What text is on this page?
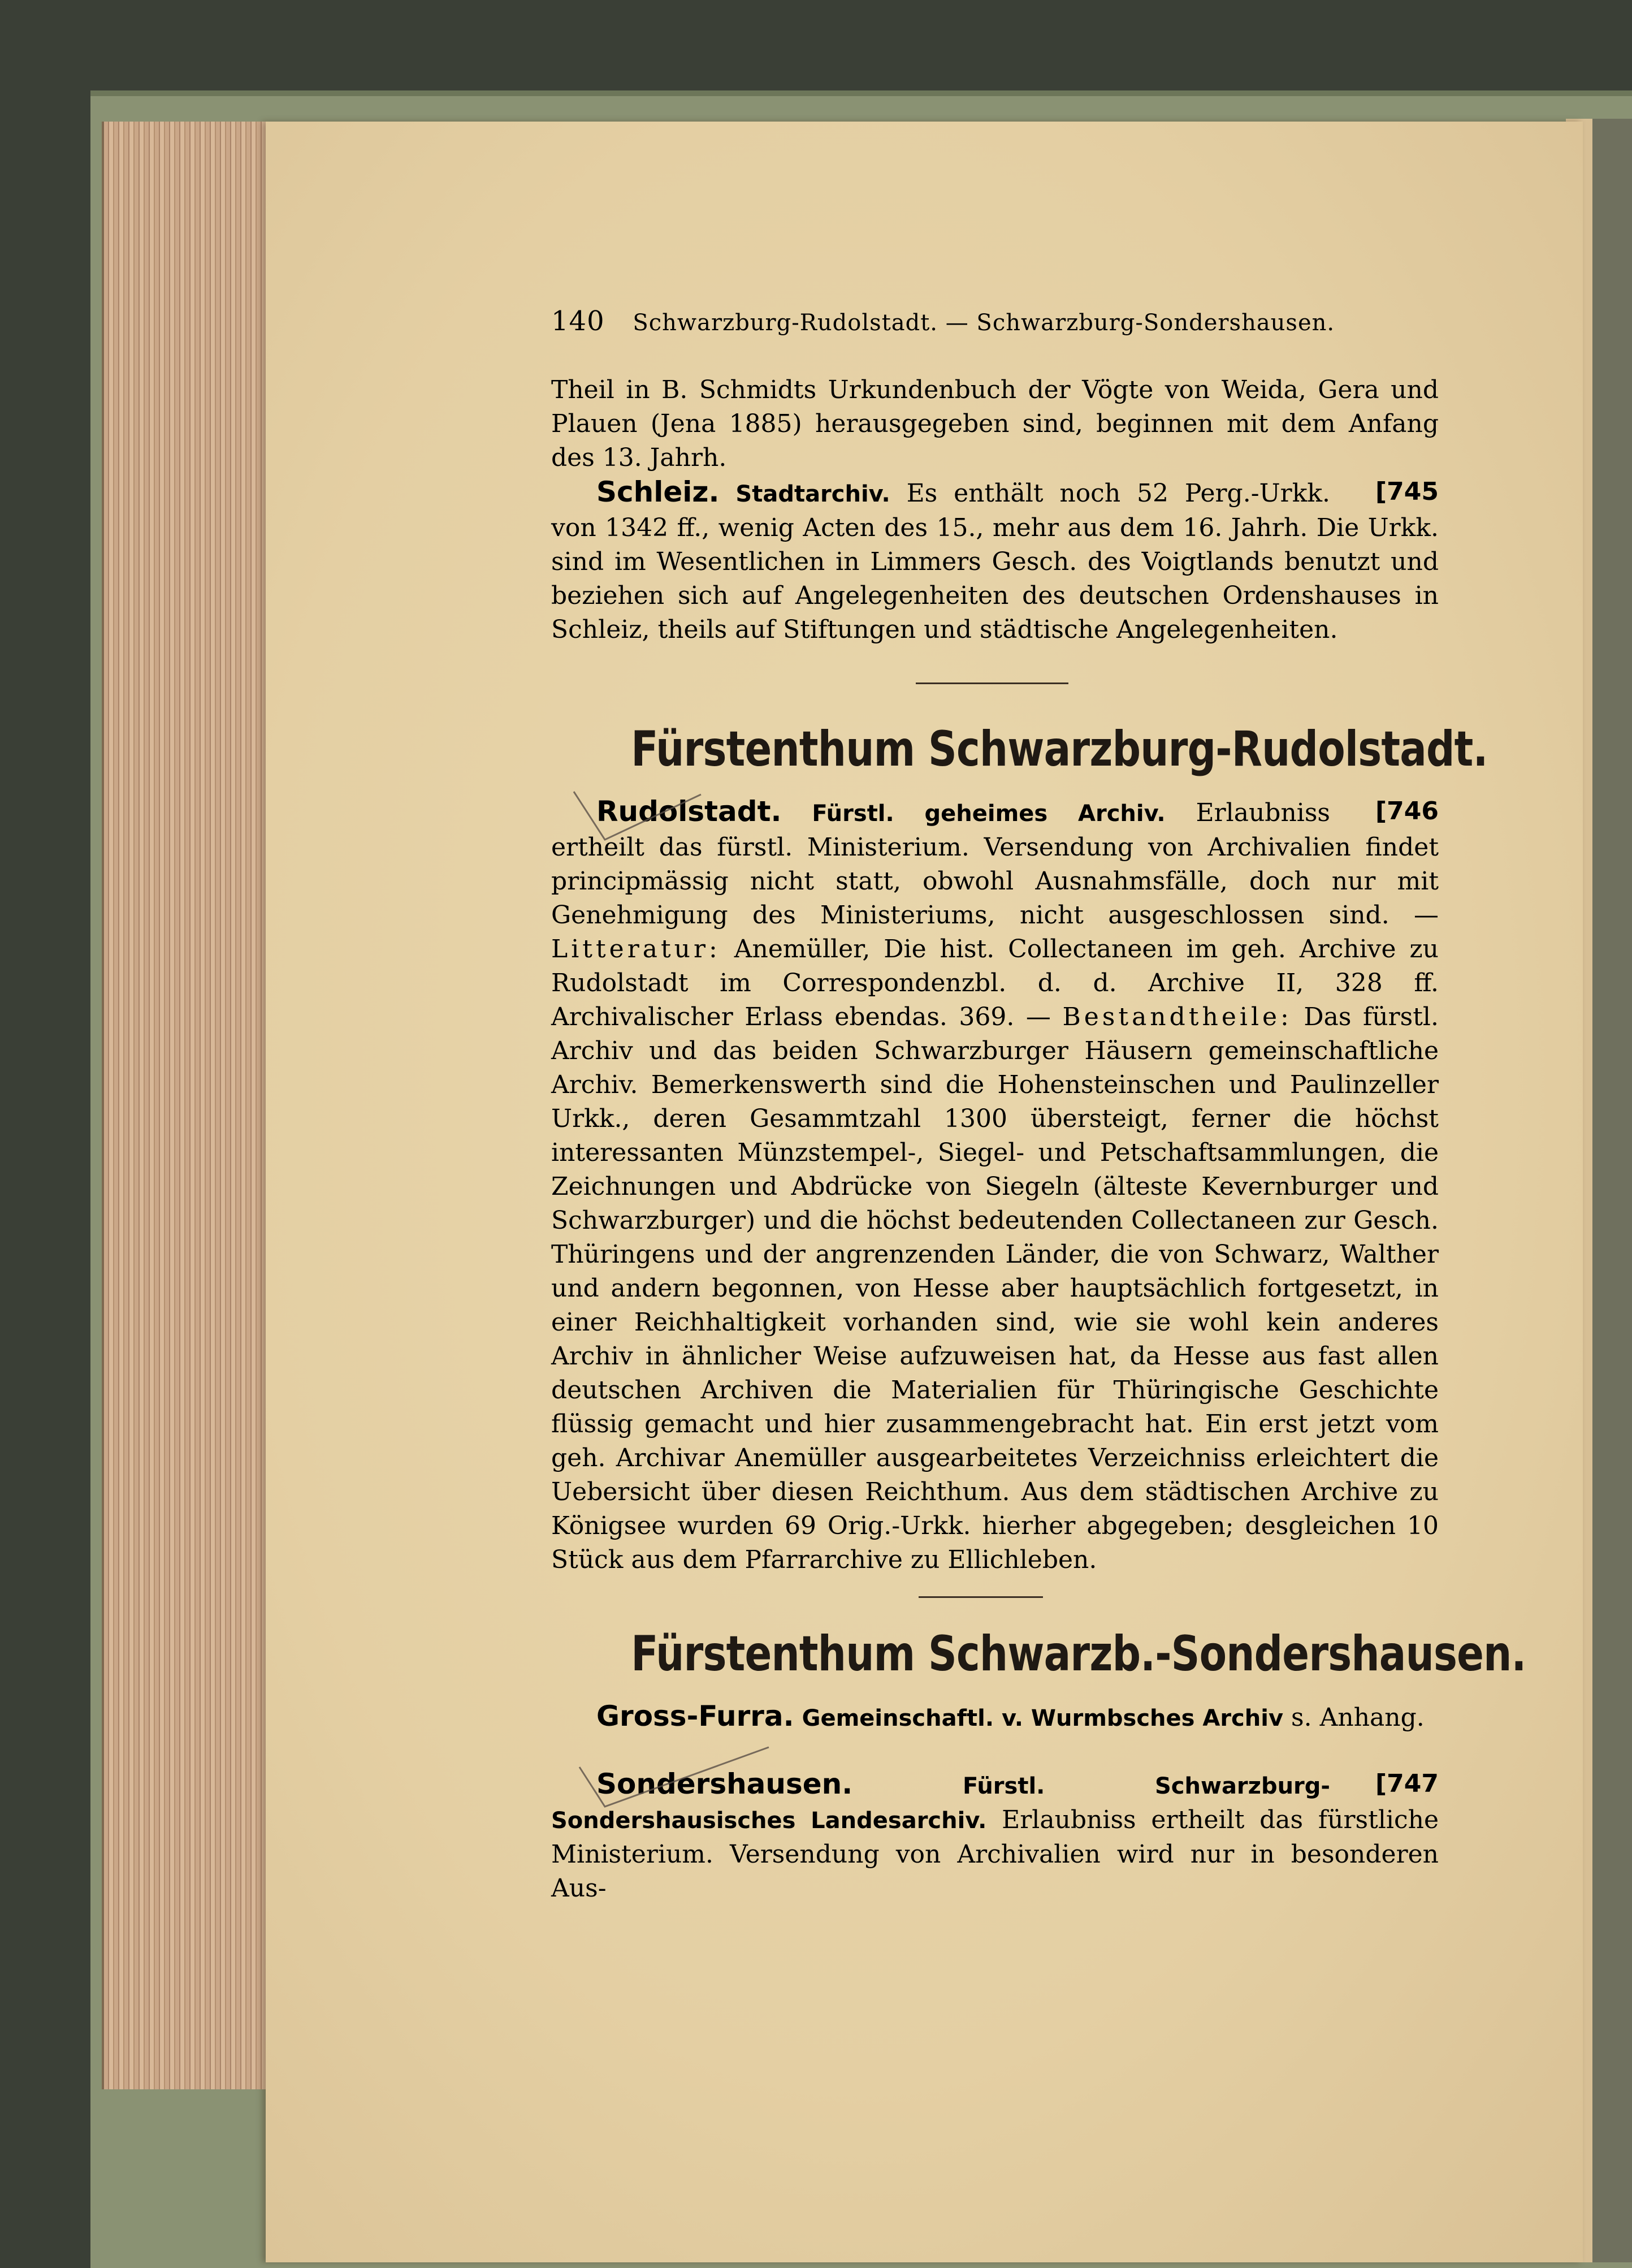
140 Schwarzburg-Rudolstadt. — Schwarzburg-Sondershausen.

Theil in B. Schmidts Urkundenbuch der Vögte von Weida, Gera und Plauen (Jena 1885) herausgegeben sind, beginnen mit dem Anfang des 13. Jahrh.

[745
Schleiz. Stadtarchiv. Es enthält noch 52 Perg.-Urkk. von 1342 ff., wenig Acten des 15., mehr aus dem 16. Jahrh. Die Urkk. sind im Wesentlichen in Limmers Gesch. des Voigtlands benutzt und beziehen sich auf Angelegenheiten des deutschen Ordenshauses in Schleiz, theils auf Stiftungen und städtische Angelegenheiten.

Fürstenthum Schwarzburg-Rudolstadt.

[746
Rudolstadt. Fürstl. geheimes Archiv. Erlaubniss ertheilt das fürstl. Ministerium. Versendung von Archivalien findet principmässig nicht statt, obwohl Ausnahmsfälle, doch nur mit Genehmigung des Ministeriums, nicht ausgeschlossen sind. — Litteratur: Anemüller, Die hist. Collectaneen im geh. Archive zu Rudolstadt im Correspondenzbl. d. d. Archive II, 328 ff. Archivalischer Erlass ebendas. 369. — Bestandtheile: Das fürstl. Archiv und das beiden Schwarzburger Häusern gemeinschaftliche Archiv. Bemerkenswerth sind die Hohensteinschen und Paulinzeller Urkk., deren Gesammtzahl 1300 übersteigt, ferner die höchst interessanten Münzstempel-, Siegel- und Petschaftsammlungen, die Zeichnungen und Abdrücke von Siegeln (älteste Kevernburger und Schwarzburger) und die höchst bedeutenden Collectaneen zur Gesch. Thüringens und der angrenzenden Länder, die von Schwarz, Walther und andern begonnen, von Hesse aber hauptsächlich fortgesetzt, in einer Reichhaltigkeit vorhanden sind, wie sie wohl kein anderes Archiv in ähnlicher Weise aufzuweisen hat, da Hesse aus fast allen deutschen Archiven die Materialien für Thüringische Geschichte flüssig gemacht und hier zusammengebracht hat. Ein erst jetzt vom geh. Archivar Anemüller ausgearbeitetes Verzeichniss erleichtert die Uebersicht über diesen Reichthum. Aus dem städtischen Archive zu Königsee wurden 69 Orig.-Urkk. hierher abgegeben; desgleichen 10 Stück aus dem Pfarrarchive zu Ellichleben.

Fürstenthum Schwarzb.-Sondershausen.

Gross-Furra. Gemeinschaftl. v. Wurmbsches Archiv s. Anhang.

[747
Sondershausen.	Fürstl. Schwarzburg-Sondershausisches Landesarchiv. Erlaubniss ertheilt das fürstliche Ministerium. Versendung von Archivalien wird nur in besonderen Aus-
